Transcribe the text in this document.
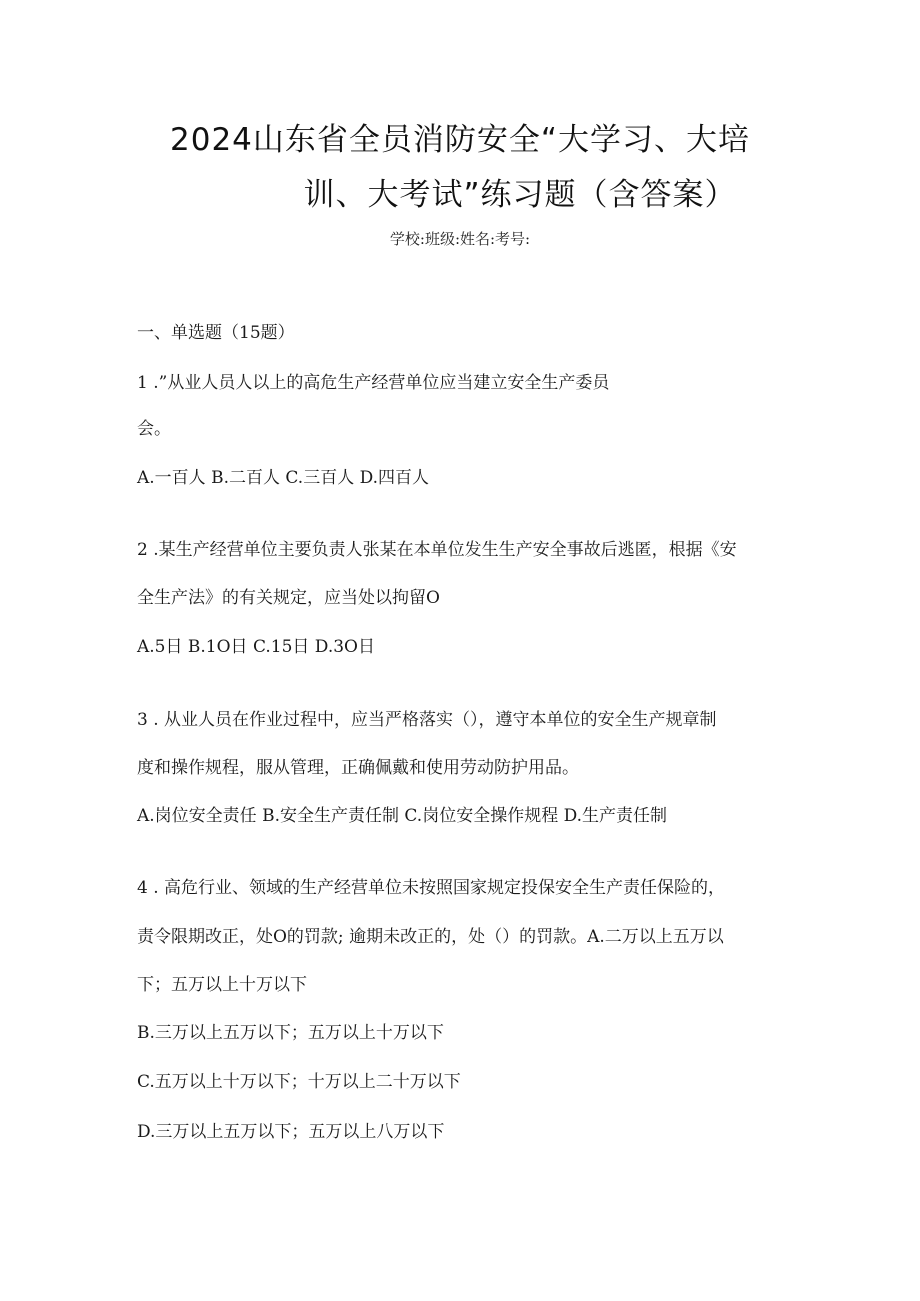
2024山东省全员消防安全“大学习、大培
训、大考试”练习题（含答案）
学校:班级:姓名:考号:
一、单选题（15题）
1 .”从业人员人以上的高危生产经营单位应当建立安全生产委员
会。
A.一百人 B.二百人 C.三百人 D.四百人
2 .某生产经营单位主要负责人张某在本单位发生生产安全事故后逃匿，根据《安
全生产法》的有关规定，应当处以拘留O
A.5日 B.1O日 C.15日 D.3O日
3 . 从业人员在作业过程中，应当严格落实（），遵守本单位的安全生产规章制
度和操作规程，服从管理，正确佩戴和使用劳动防护用品。
A.岗位安全责任 B.安全生产责任制 C.岗位安全操作规程 D.生产责任制
4 . 高危行业、领域的生产经营单位未按照国家规定投保安全生产责任保险的，
责令限期改正，处O的罚款; 逾期未改正的，处（）的罚款。A.二万以上五万以
下；五万以上十万以下
B.三万以上五万以下；五万以上十万以下
C.五万以上十万以下；十万以上二十万以下
D.三万以上五万以下；五万以上八万以下
